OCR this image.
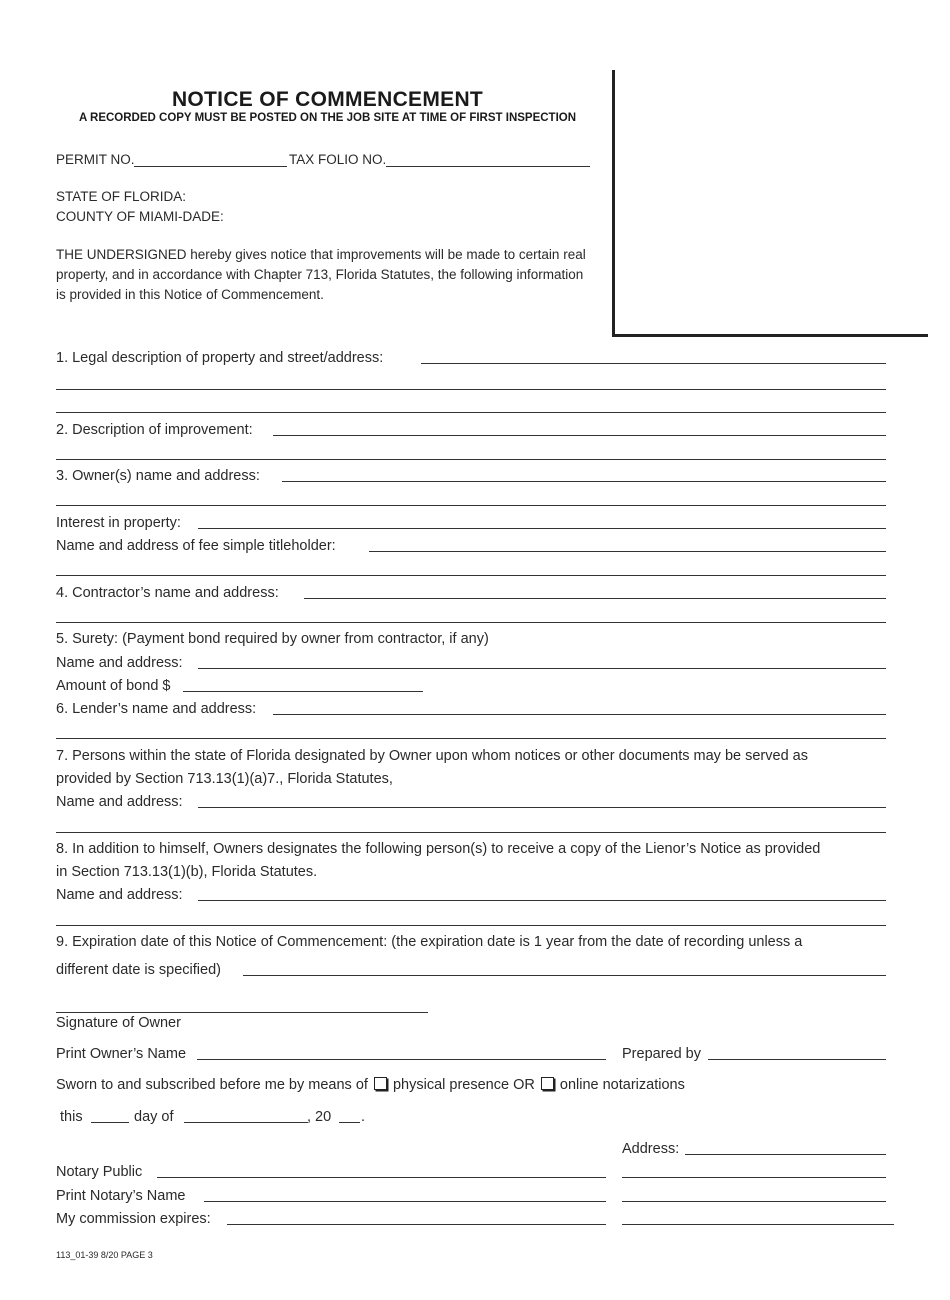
NOTICE OF COMMENCEMENT
A RECORDED COPY MUST BE POSTED ON THE JOB SITE AT TIME OF FIRST INSPECTION
PERMIT NO.	TAX FOLIO NO.
STATE OF FLORIDA:
COUNTY OF MIAMI-DADE:
THE UNDERSIGNED hereby gives notice that improvements will be made to certain real
property, and in accordance with Chapter 713, Florida Statutes, the following information
is provided in this Notice of Commencement.
1. Legal description of property and street/address:
2. Description of improvement:
3. Owner(s) name and address:
Interest in property:
Name and address of fee simple titleholder:
4. Contractor’s name and address:
5. Surety: (Payment bond required by owner from contractor, if any)
Name and address:
Amount of bond $
6. Lender’s name and address:
7. Persons within the state of Florida designated by Owner upon whom notices or other documents may be served as
provided by Section 713.13(1)(a)7., Florida Statutes,
Name and address:
8. In addition to himself, Owners designates the following person(s) to receive a copy of the Lienor’s Notice as provided
in Section 713.13(1)(b), Florida Statutes.
Name and address:
9. Expiration date of this Notice of Commencement: (the expiration date is 1 year from the date of recording unless a
different date is specified)
Signature of Owner
Print Owner’s Name	Prepared by
Sworn to and subscribed before me by means of physical presence OR online notarizations
this	day of	, 20 .
Address:
Notary Public
Print Notary’s Name
My commission expires:
113_01-39 8/20 PAGE 3
